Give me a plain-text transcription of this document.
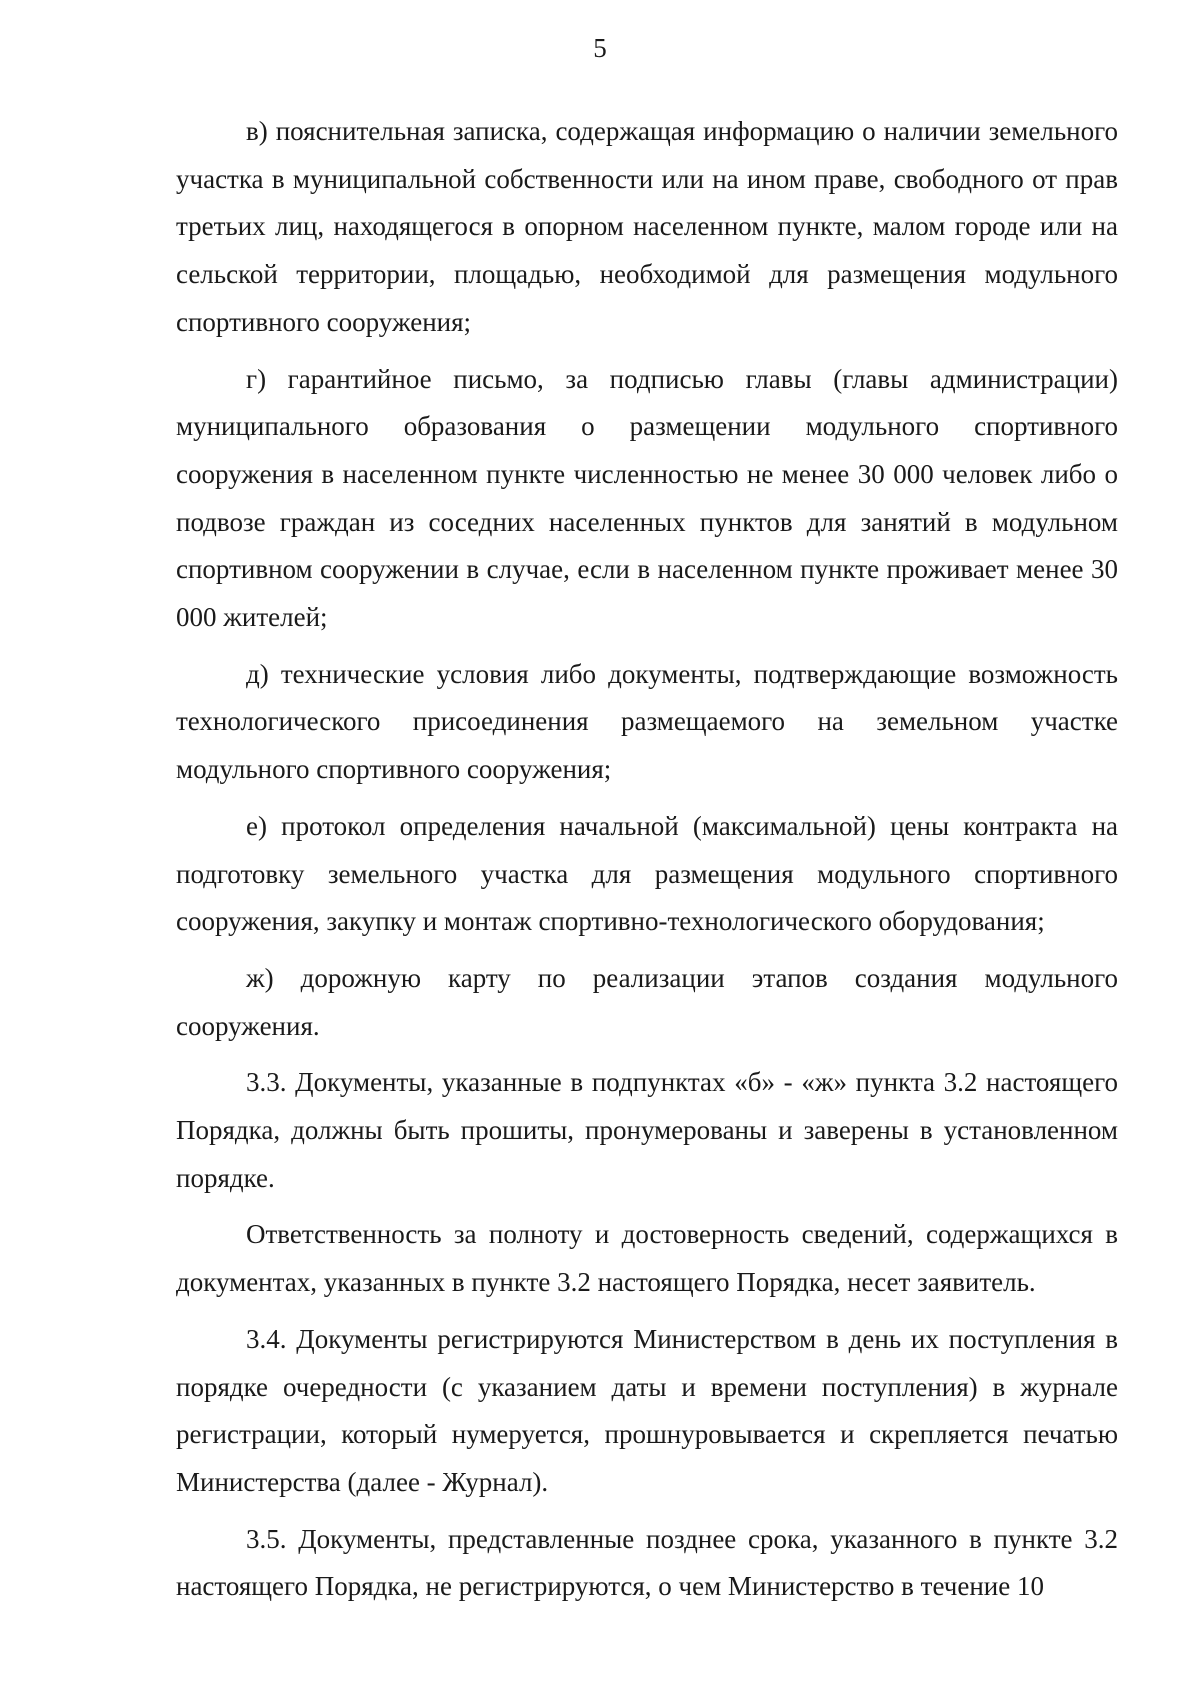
5

в) пояснительная записка, содержащая информацию о наличии земельного участка в муниципальной собственности или на ином праве, свободного от прав третьих лиц, находящегося в опорном населенном пункте, малом городе или на сельской территории, площадью, необходимой для размещения модульного спортивного сооружения;

г) гарантийное письмо, за подписью главы (главы администрации) муниципального образования о размещении модульного спортивного сооружения в населенном пункте численностью не менее 30 000 человек либо о подвозе граждан из соседних населенных пунктов для занятий в модульном спортивном сооружении в случае, если в населенном пункте проживает менее 30 000 жителей;

д) технические условия либо документы, подтверждающие возможность технологического присоединения размещаемого на земельном участке модульного спортивного сооружения;

е) протокол определения начальной (максимальной) цены контракта на подготовку земельного участка для размещения модульного спортивного сооружения, закупку и монтаж спортивно-технологического оборудования;

ж) дорожную карту по реализации этапов создания модульного сооружения.

3.3. Документы, указанные в подпунктах «б» - «ж» пункта 3.2 настоящего Порядка, должны быть прошиты, пронумерованы и заверены в установленном порядке.

Ответственность за полноту и достоверность сведений, содержащихся в документах, указанных в пункте 3.2 настоящего Порядка, несет заявитель.

3.4. Документы регистрируются Министерством в день их поступления в порядке очередности (с указанием даты и времени поступления) в журнале регистрации, который нумеруется, прошнуровывается и скрепляется печатью Министерства (далее - Журнал).

3.5. Документы, представленные позднее срока, указанного в пункте 3.2 настоящего Порядка, не регистрируются, о чем Министерство в течение 10
